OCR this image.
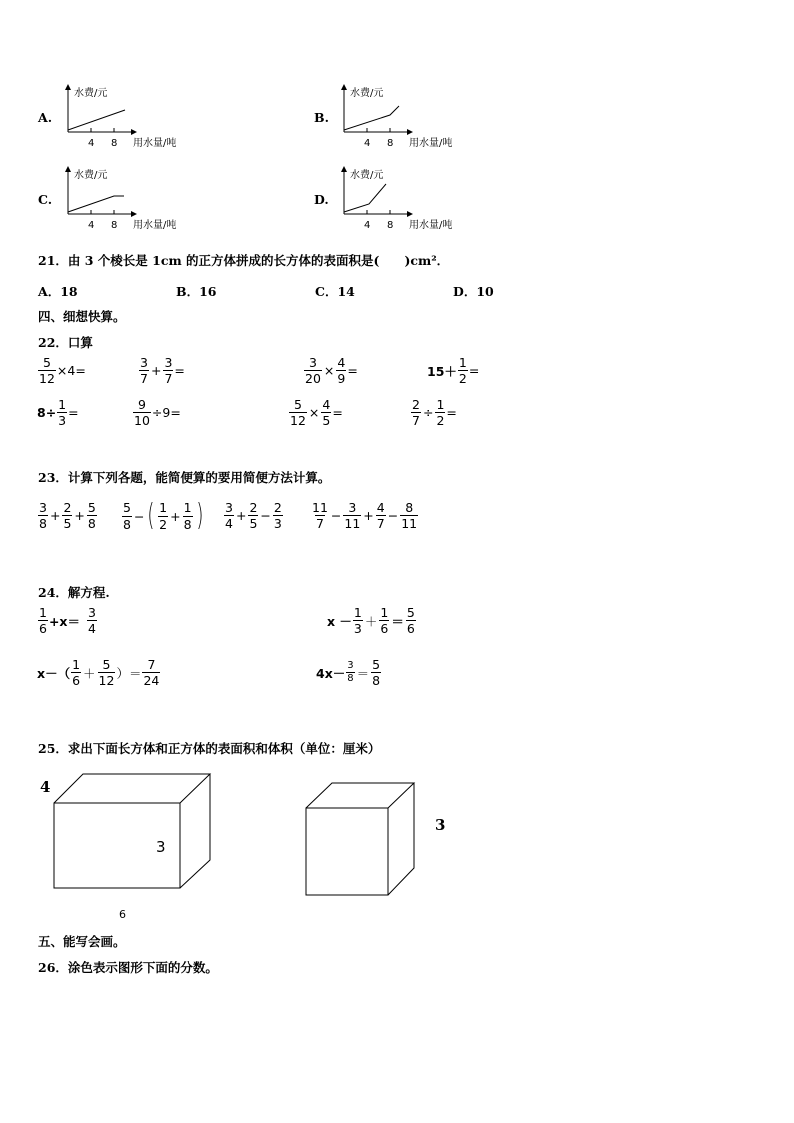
A.
水费/元
4 8 用水量/吨
B.
水费/元
4 8 用水量/吨
C.
水费/元
4 8 用水量/吨
D.
水费/元
4 8 用水量/吨
21．由 3 个棱长是 1cm 的正方体拼成的长方体的表面积是(　　)cm²．
A．18	B．16	C．14	D．10
四、细想快算。
22．口算
$\frac{5}{12} \times 4=$	$\frac{3}{7} + \frac{3}{7}$ =	$\frac{3}{20} \times \frac{4}{9}$ =	$15+ \frac{1}{2}$ =
$8\div \frac{1}{3}$ =	$\frac{9}{10} \div 9=$	$\frac{5}{12} \times \frac{4}{5}$ =	$\frac{2}{7} \div \frac{1}{2}$ =
23．计算下列各题，能简便算的要用简便方法计算。
$\frac{3}{8} + \frac{2}{5} + \frac{5}{8} \frac{5}{8}$ − ( $\frac{1}{2} + \frac{1}{8}$ ) $\frac{3}{4} + \frac{2}{5} - \frac{2}{3} \frac{11}{7} - \frac{3}{11} + \frac{4}{7} - \frac{8}{11}$
24．解方程.
$\frac{1}{6} +x= \frac{3}{4}$	$x - \frac{1}{3} + \frac{1}{6} = \frac{5}{6}$
$x-( \frac{1}{6} + \frac{5}{12}$ ）＝ $\frac{7}{24}$	$4x- \frac{3}{8} = \frac{5}{8}$
25．求出下面长方体和正方体的表面积和体积（单位：厘米）
4
3
6
3
五、能写会画。
26．涂色表示图形下面的分数。
